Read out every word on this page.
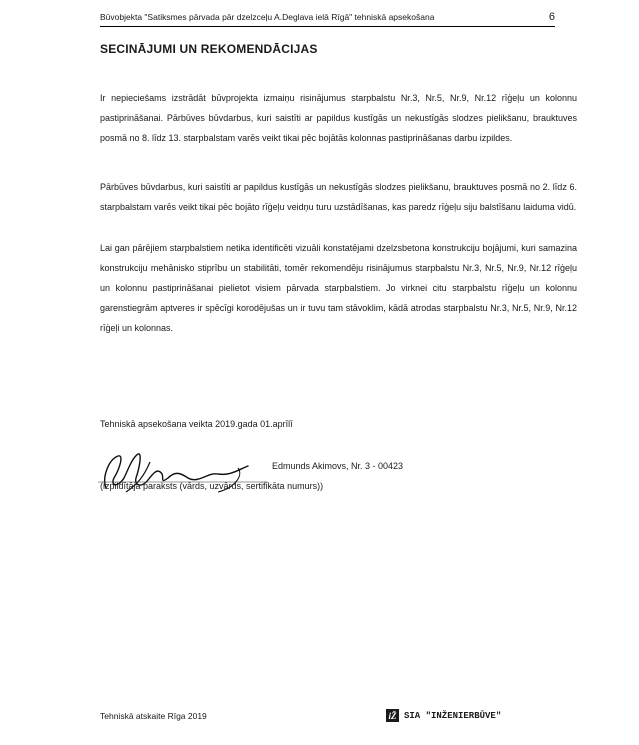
Būvobjekta "Satiksmes pārvada pār dzelzceļu A.Deglava ielā Rīgā" tehniskā apsekošana	6
SECINĀJUMI UN REKOMENDĀCIJAS
Ir nepieciešams izstrādāt būvprojekta izmaiņu risinājumus starpbalstu Nr.3, Nr.5, Nr.9, Nr.12 rīģeļu un kolonnu pastiprināšanai. Pārbūves būvdarbus, kuri saistīti ar papildus kustīgās un nekustīgās slodzes pielikšanu, brauktuves posmā no 8. līdz 13. starpbalstam varēs veikt tikai pēc bojātās kolonnas pastiprināšanas darbu izpildes.
Pārbūves būvdarbus, kuri saistīti ar papildus kustīgās un nekustīgās slodzes pielikšanu, brauktuves posmā no 2. līdz 6. starpbalstam varēs veikt tikai pēc bojāto rīģeļu veidņu turu uzstādīšanas, kas paredz rīģeļu siju balstīšanu laiduma vidū.
Lai gan pārējiem starpbalstiem netika identificēti vizuāli konstatējami dzelzsbetona konstrukciju bojājumi, kuri samazina konstrukciju mehānisko stiprību un stabilitāti, tomēr rekomendēju risinājumus starpbalstu Nr.3, Nr.5, Nr.9, Nr.12 rīģeļu un kolonnu pastiprināšanai pielietot visiem pārvada starpbalstiem. Jo virknei citu starpbalstu rīģeļu un kolonnu garenstiegrām aptveres ir spēcīgi korodējušas un ir tuvu tam stāvoklim, kādā atrodas starpbalstu Nr.3, Nr.5, Nr.9, Nr.12 rīģeļi un kolonnas.
Tehniskā apsekošana veikta 2019.gada 01.aprīlī
Edmunds Akimovs, Nr. 3 - 00423
(izpildītāja paraksts (vārds, uzvārds, sertifikāta numurs))
Tehniskā atskaite Rīga 2019	iŽ SIA "INŽENIERBŪVE"
